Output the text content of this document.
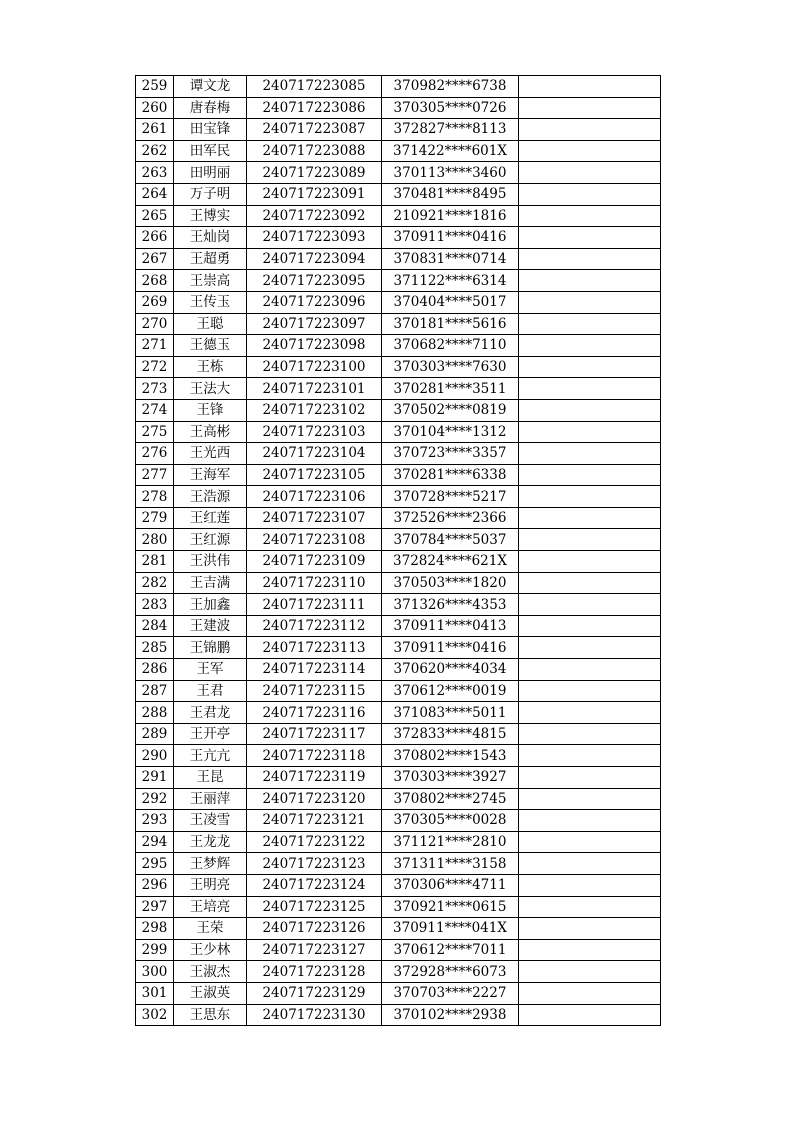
259	谭文龙	240717223085	370982****6738	
260	唐春梅	240717223086	370305****0726	
261	田宝锋	240717223087	372827****8113	
262	田军民	240717223088	371422****601X	
263	田明丽	240717223089	370113****3460	
264	万子明	240717223091	370481****8495	
265	王博实	240717223092	210921****1816	
266	王灿岗	240717223093	370911****0416	
267	王超勇	240717223094	370831****0714	
268	王崇高	240717223095	371122****6314	
269	王传玉	240717223096	370404****5017	
270	王聪	240717223097	370181****5616	
271	王德玉	240717223098	370682****7110	
272	王栋	240717223100	370303****7630	
273	王法大	240717223101	370281****3511	
274	王锋	240717223102	370502****0819	
275	王高彬	240717223103	370104****1312	
276	王光西	240717223104	370723****3357	
277	王海军	240717223105	370281****6338	
278	王浩源	240717223106	370728****5217	
279	王红莲	240717223107	372526****2366	
280	王红源	240717223108	370784****5037	
281	王洪伟	240717223109	372824****621X	
282	王吉满	240717223110	370503****1820	
283	王加鑫	240717223111	371326****4353	
284	王建波	240717223112	370911****0413	
285	王锦鹏	240717223113	370911****0416	
286	王军	240717223114	370620****4034	
287	王君	240717223115	370612****0019	
288	王君龙	240717223116	371083****5011	
289	王开亭	240717223117	372833****4815	
290	王亢亢	240717223118	370802****1543	
291	王昆	240717223119	370303****3927	
292	王丽萍	240717223120	370802****2745	
293	王凌雪	240717223121	370305****0028	
294	王龙龙	240717223122	371121****2810	
295	王梦辉	240717223123	371311****3158	
296	王明亮	240717223124	370306****4711	
297	王培亮	240717223125	370921****0615	
298	王荣	240717223126	370911****041X	
299	王少林	240717223127	370612****7011	
300	王淑杰	240717223128	372928****6073	
301	王淑英	240717223129	370703****2227	
302	王思东	240717223130	370102****2938	
